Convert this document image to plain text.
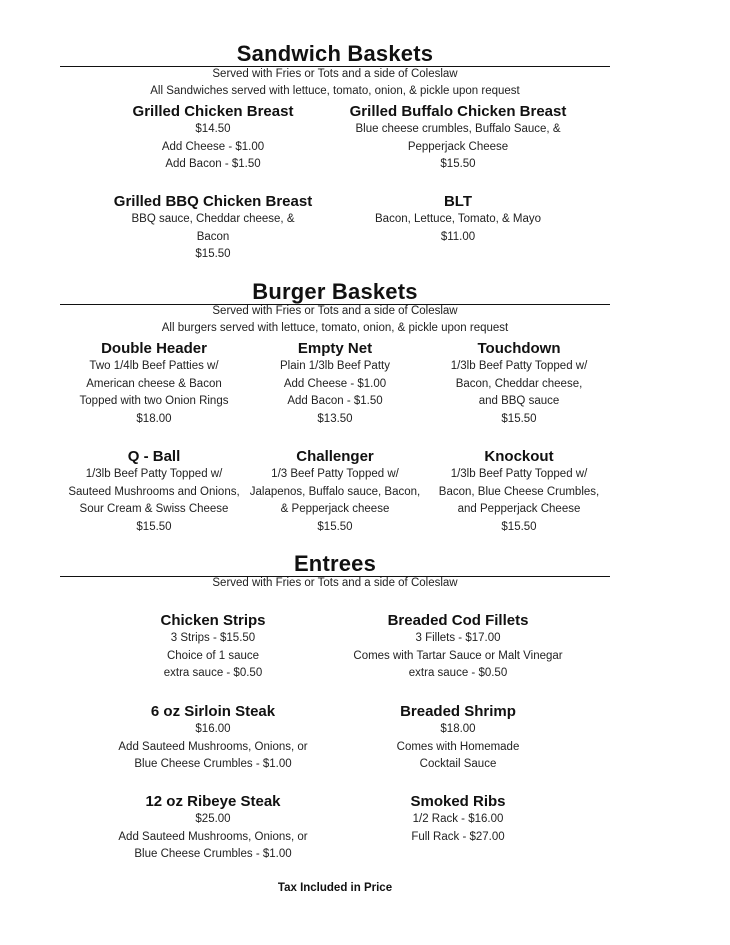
Sandwich Baskets
Served with Fries or Tots and a side of Coleslaw
All Sandwiches served with lettuce, tomato, onion, & pickle upon request
Grilled Chicken Breast
$14.50
Add Cheese - $1.00
Add Bacon - $1.50
Grilled Buffalo Chicken Breast
Blue cheese crumbles, Buffalo Sauce, &
Pepperjack Cheese
$15.50
Grilled BBQ Chicken Breast
BBQ sauce, Cheddar cheese, &
Bacon
$15.50
BLT
Bacon, Lettuce, Tomato, & Mayo
$11.00
Burger Baskets
Served with Fries or Tots and a side of Coleslaw
All burgers served with lettuce, tomato, onion, & pickle upon request
Double Header
Two 1/4lb Beef Patties w/
American cheese & Bacon
Topped with two Onion Rings
$18.00
Empty Net
Plain 1/3lb Beef Patty
Add Cheese - $1.00
Add Bacon - $1.50
$13.50
Touchdown
1/3lb Beef Patty Topped w/
Bacon, Cheddar cheese,
and BBQ sauce
$15.50
Q - Ball
1/3lb Beef Patty Topped w/
Sauteed Mushrooms and Onions,
Sour Cream & Swiss Cheese
$15.50
Challenger
1/3 Beef Patty Topped w/
Jalapenos, Buffalo sauce, Bacon,
& Pepperjack cheese
$15.50
Knockout
1/3lb Beef Patty Topped w/
Bacon, Blue Cheese Crumbles,
and Pepperjack Cheese
$15.50
Entrees
Served with Fries or Tots and a side of Coleslaw
Chicken Strips
3 Strips - $15.50
Choice of 1 sauce
extra sauce - $0.50
Breaded Cod Fillets
3 Fillets - $17.00
Comes with Tartar Sauce or Malt Vinegar
extra sauce - $0.50
6 oz Sirloin Steak
$16.00
Add Sauteed Mushrooms, Onions, or
Blue Cheese Crumbles - $1.00
Breaded Shrimp
$18.00
Comes with Homemade
Cocktail Sauce
12 oz Ribeye Steak
$25.00
Add Sauteed Mushrooms, Onions, or
Blue Cheese Crumbles - $1.00
Smoked Ribs
1/2 Rack - $16.00
Full Rack - $27.00
Tax Included in Price
